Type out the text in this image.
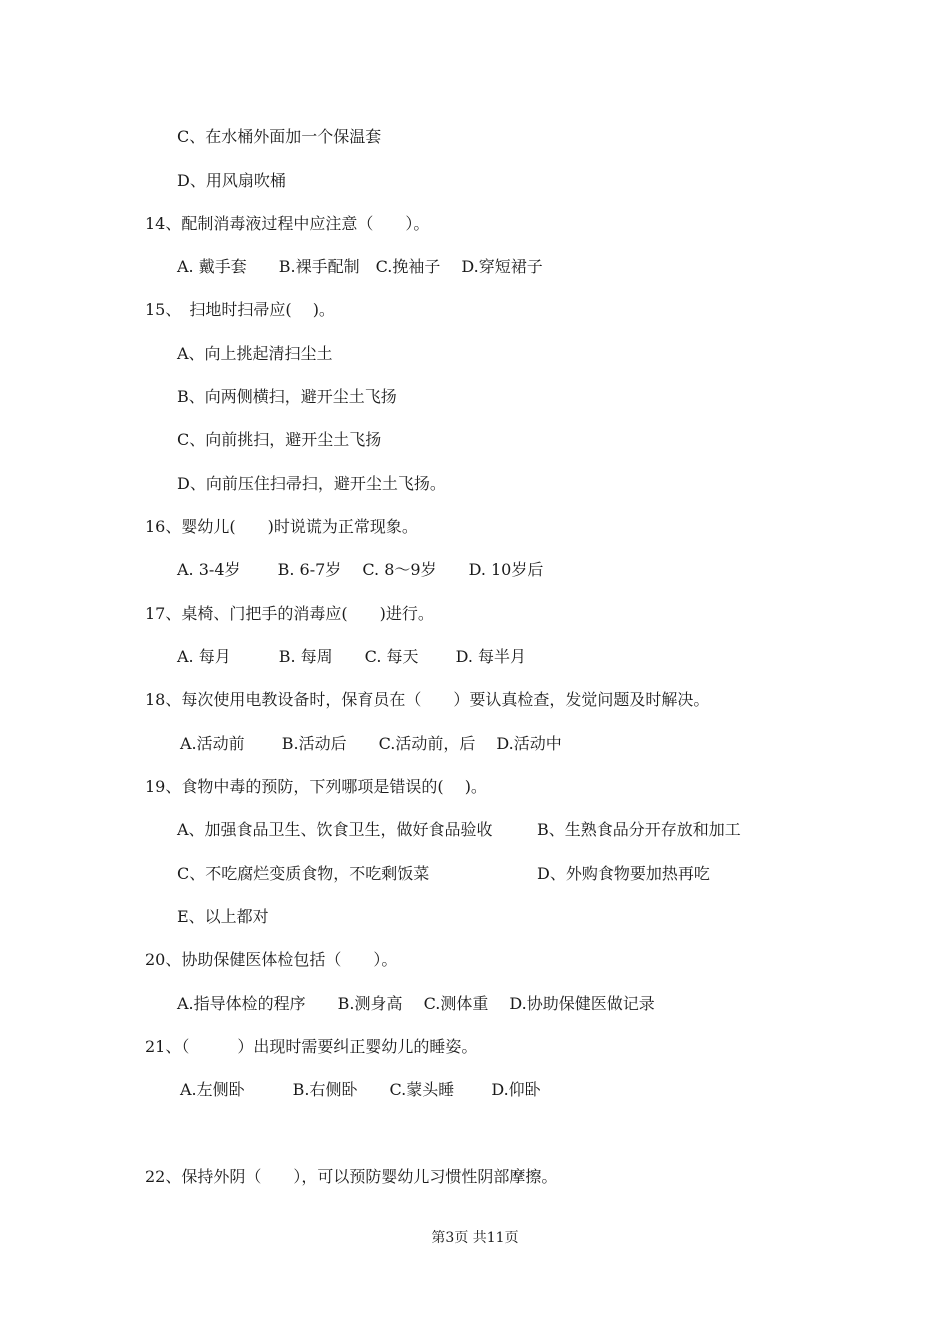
C、在水桶外面加一个保温套
D、用风扇吹桶
14、配制消毒液过程中应注意（　　）。
A. 戴手套　　B.裸手配制　C.挽袖子　 D.穿短裙子
15、　扫地时扫帚应(　 )。
A、向上挑起清扫尘土
B、向两侧横扫，避开尘土飞扬
C、向前挑扫，避开尘土飞扬
D、向前压住扫帚扫，避开尘土飞扬。
16、婴幼儿(　　)时说谎为正常现象。
A. 3-4岁　　 B. 6-7岁　 C. 8～9岁　　D. 10岁后
17、桌椅、门把手的消毒应(　　)进行。
A. 每月　　　B. 每周　　C. 每天　　 D. 每半月
18、每次使用电教设备时，保育员在（　　）要认真检查，发觉问题及时解决。
A.活动前　　 B.活动后　　C.活动前，后　 D.活动中
19、食物中毒的预防，下列哪项是错误的(　 )。
A、加强食品卫生、饮食卫生，做好食品验收	B、生熟食品分开存放和加工
C、不吃腐烂变质食物，不吃剩饭菜	D、外购食物要加热再吃
E、以上都对
20、协助保健医体检包括（　　）。
A.指导体检的程序　　B.测身高　 C.测体重　 D.协助保健医做记录
21、（　　　）出现时需要纠正婴幼儿的睡姿。
A.左侧卧　　　B.右侧卧　　C.蒙头睡　　 D.仰卧
22、保持外阴（　　），可以预防婴幼儿习惯性阴部摩擦。
第3页 共11页
